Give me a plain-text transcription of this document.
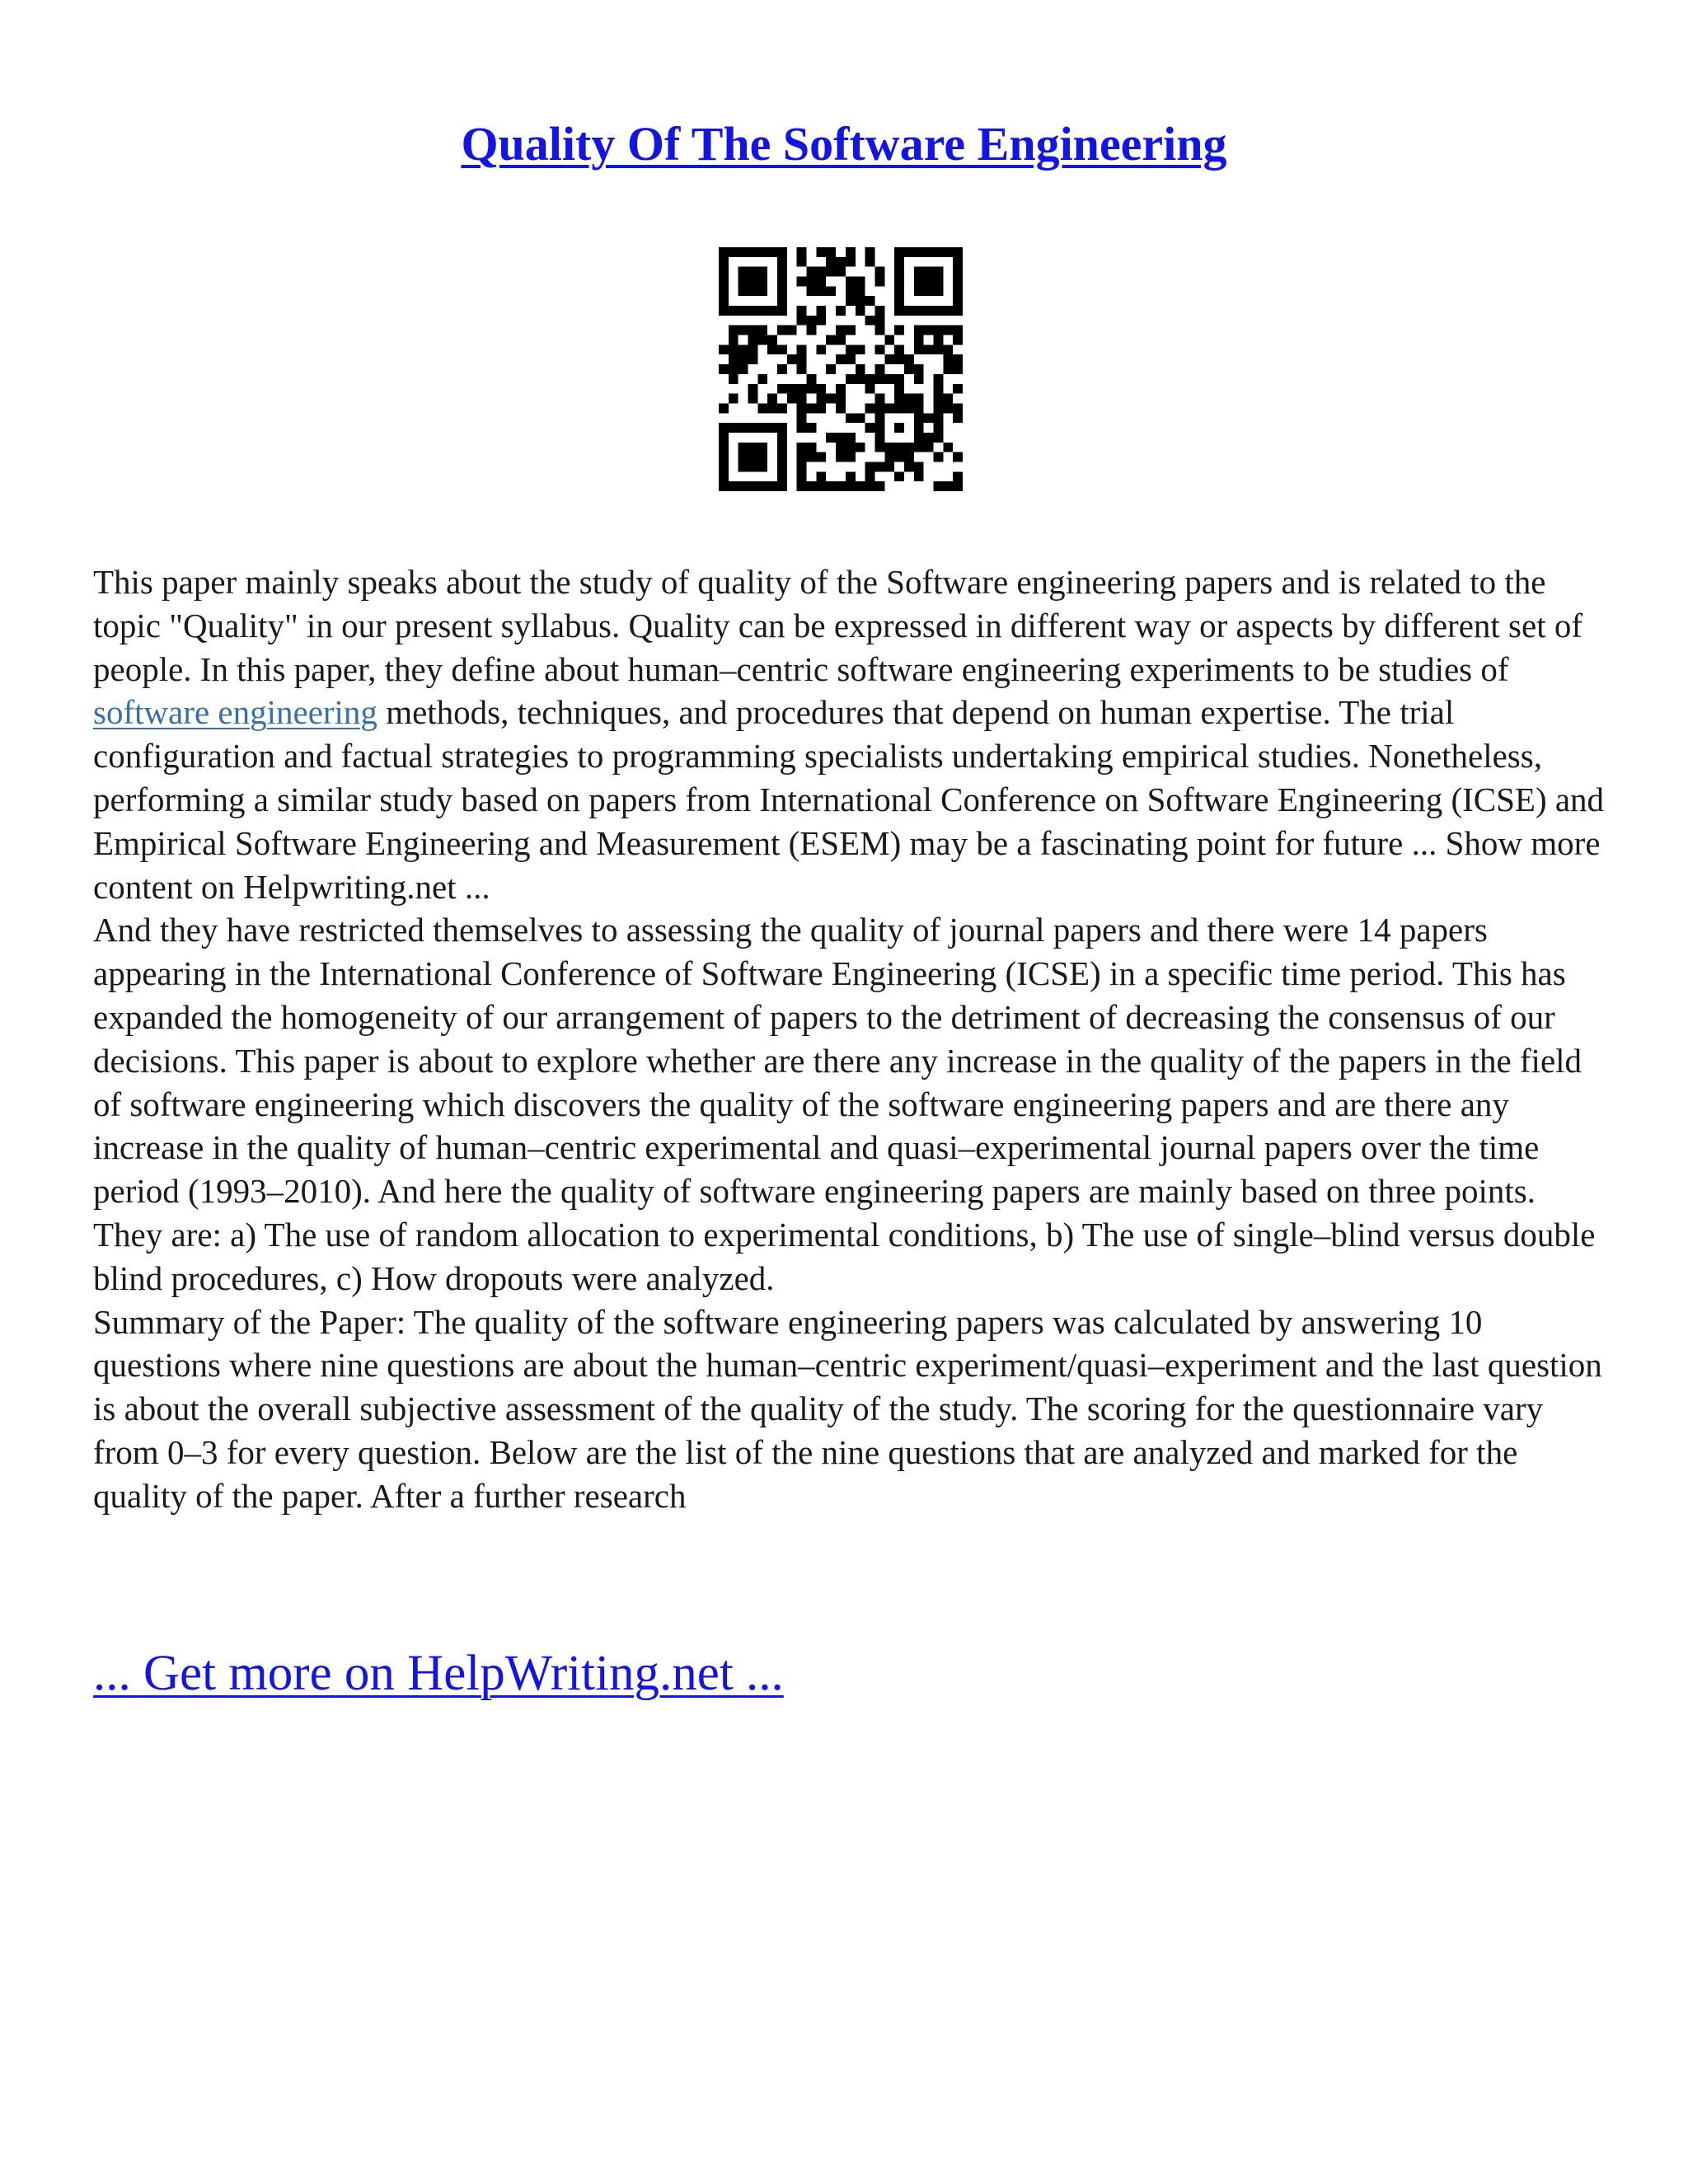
Quality Of The Software Engineering

This paper mainly speaks about the study of quality of the Software engineering papers and is related to the topic "Quality" in our present syllabus. Quality can be expressed in different way or aspects by different set of people. In this paper, they define about human–centric software engineering experiments to be studies of software engineering methods, techniques, and procedures that depend on human expertise. The trial configuration and factual strategies to programming specialists undertaking empirical studies. Nonetheless, performing a similar study based on papers from International Conference on Software Engineering (ICSE) and Empirical Software Engineering and Measurement (ESEM) may be a fascinating point for future ... Show more content on Helpwriting.net ...

And they have restricted themselves to assessing the quality of journal papers and there were 14 papers appearing in the International Conference of Software Engineering (ICSE) in a specific time period. This has expanded the homogeneity of our arrangement of papers to the detriment of decreasing the consensus of our decisions. This paper is about to explore whether are there any increase in the quality of the papers in the field of software engineering which discovers the quality of the software engineering papers and are there any increase in the quality of human–centric experimental and quasi–experimental journal papers over the time period (1993–2010). And here the quality of software engineering papers are mainly based on three points. They are: a) The use of random allocation to experimental conditions, b) The use of single–blind versus double blind procedures, c) How dropouts were analyzed.

Summary of the Paper: The quality of the software engineering papers was calculated by answering 10 questions where nine questions are about the human–centric experiment/quasi–experiment and the last question is about the overall subjective assessment of the quality of the study. The scoring for the questionnaire vary from 0–3 for every question. Below are the list of the nine questions that are analyzed and marked for the quality of the paper. After a further research

... Get more on HelpWriting.net ...
